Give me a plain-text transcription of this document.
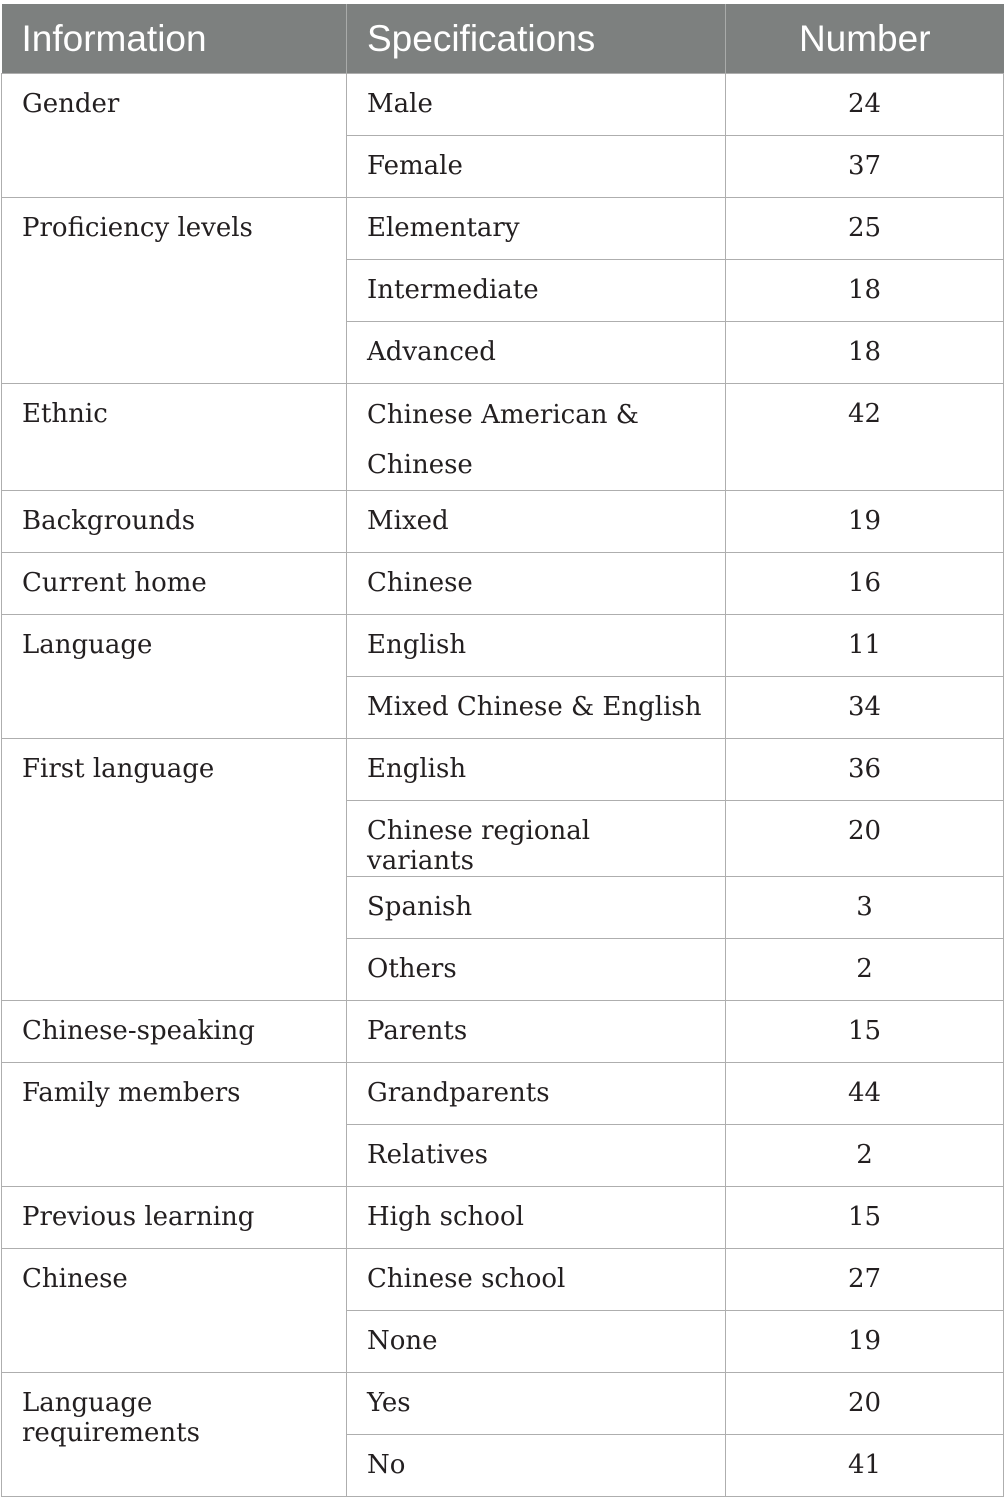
Information	Specifications	Number
Gender	Male	24
	Female	37
Proficiency levels	Elementary	25
	Intermediate	18
	Advanced	18
Ethnic	Chinese American & Chinese	42
Backgrounds	Mixed	19
Current home	Chinese	16
Language	English	11
	Mixed Chinese & English	34
First language	English	36
	Chinese regional variants	20
	Spanish	3
	Others	2
Chinese-speaking	Parents	15
Family members	Grandparents	44
	Relatives	2
Previous learning	High school	15
Chinese	Chinese school	27
	None	19
Language requirements	Yes	20
	No	41
